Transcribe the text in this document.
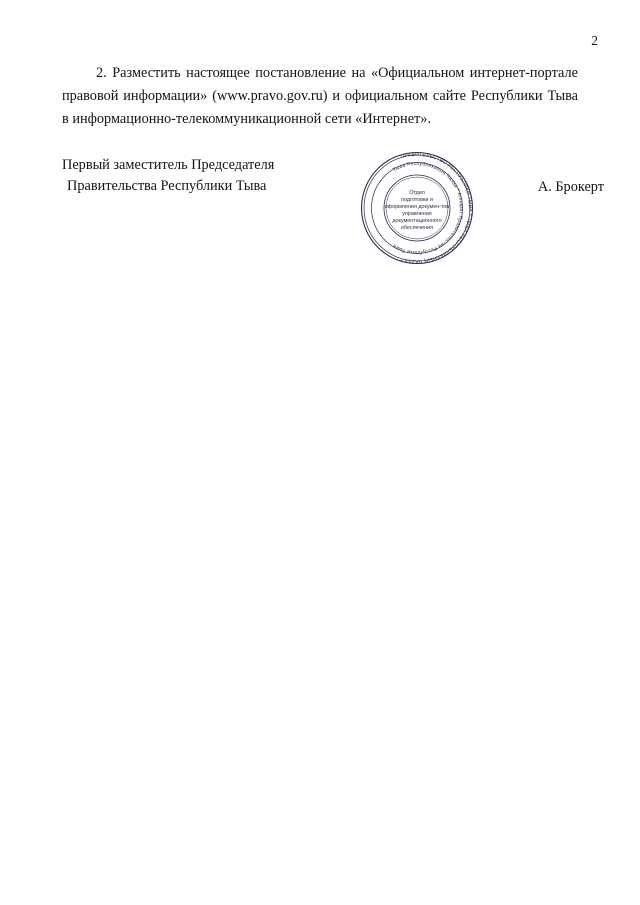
2
2. Разместить настоящее постановление на «Официальном интернет-портале правовой информации» (www.pravo.gov.ru) и официальном сайте Республики Тыва в информационно-телекоммуникационной сети «Интернет».
Первый заместитель Председателя
Правительства Республики Тыва	А. Брокерт
ПРАВИТЕЛЬСТВО РЕСПУБЛИКИ ТЫВА * ТЫВА РЕСПУБЛИКАНЫӉ ЧАЗАА *
Тыва Республиканыӊ Чазаа * Аппарат Правительства Республики Тыва
Отдел
подготовки и
оформления докумен-тов
управления
документационного
обеспечения
